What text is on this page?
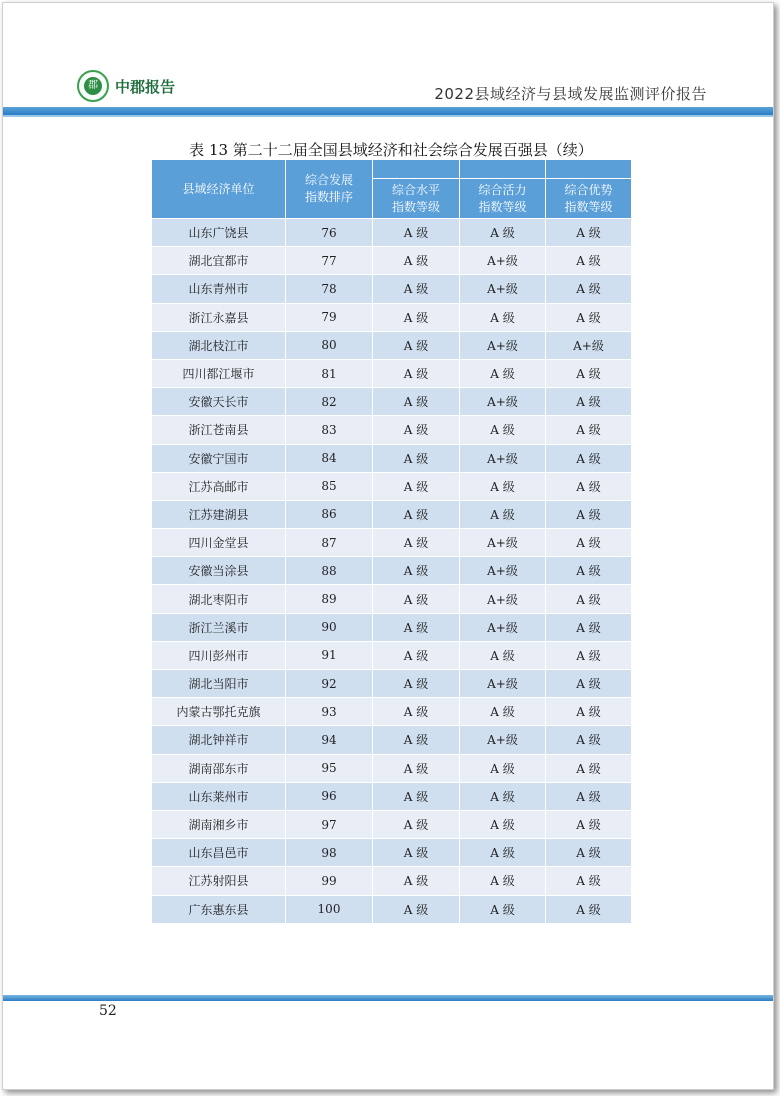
郡 中郡报告	2022县域经济与县域发展监测评价报告
表 13 第二十二届全国县域经济和社会综合发展百强县（续）
县域经济单位	综合发展
指数排序			
		综合水平
指数等级	综合活力
指数等级	综合优势
指数等级
山东广饶县	76	A 级	A 级	A 级
湖北宜都市	77	A 级	A+级	A 级
山东青州市	78	A 级	A+级	A 级
浙江永嘉县	79	A 级	A 级	A 级
湖北枝江市	80	A 级	A+级	A+级
四川都江堰市	81	A 级	A 级	A 级
安徽天长市	82	A 级	A+级	A 级
浙江苍南县	83	A 级	A 级	A 级
安徽宁国市	84	A 级	A+级	A 级
江苏高邮市	85	A 级	A 级	A 级
江苏建湖县	86	A 级	A 级	A 级
四川金堂县	87	A 级	A+级	A 级
安徽当涂县	88	A 级	A+级	A 级
湖北枣阳市	89	A 级	A+级	A 级
浙江兰溪市	90	A 级	A+级	A 级
四川彭州市	91	A 级	A 级	A 级
湖北当阳市	92	A 级	A+级	A 级
内蒙古鄂托克旗	93	A 级	A 级	A 级
湖北钟祥市	94	A 级	A+级	A 级
湖南邵东市	95	A 级	A 级	A 级
山东莱州市	96	A 级	A 级	A 级
湖南湘乡市	97	A 级	A 级	A 级
山东昌邑市	98	A 级	A 级	A 级
江苏射阳县	99	A 级	A 级	A 级
广东惠东县	100	A 级	A 级	A 级
52
